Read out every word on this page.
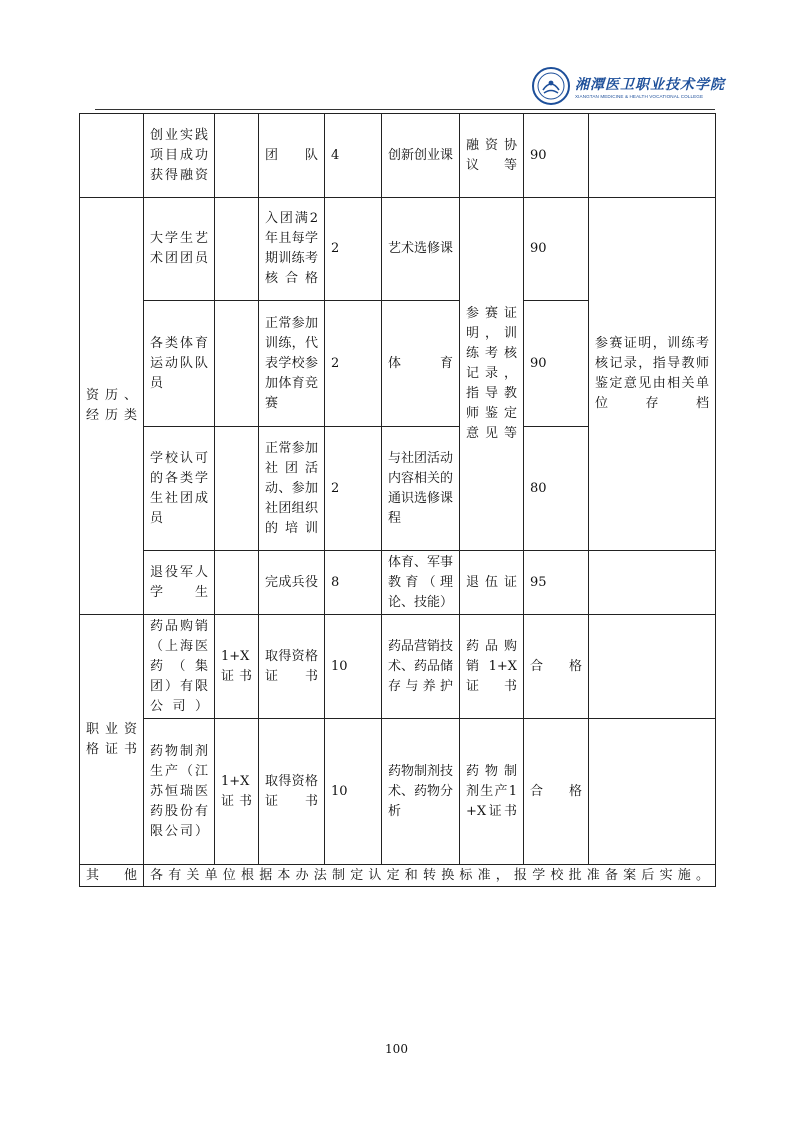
湘潭医卫职业技术学院
XIANGTAN MEDICINE & HEALTH VOCATIONAL COLLEGE
	创业实践项目成功获得融资		团队	4	创新创业课	融资协议等	90	
资历、经历类	大学生艺术团团员		入团满2年且每学期训练考核合格	2	艺术选修课	参赛证明，训练考核记录，指导教师鉴定意见等	90	参赛证明，训练考核记录，指导教师鉴定意见由相关单位存档
	各类体育运动队队员		正常参加训练，代表学校参加体育竞赛	2	体育		90	
	学校认可的各类学生社团成员		正常参加社团活动、参加社团组织的培训	2	与社团活动内容相关的通识选修课程		80	
	退役军人学生		完成兵役	8	体育、军事教育（理论、技能）	退伍证	95	
职业资格证书	药品购销（上海医药（集团）有限公司）	1+X证书	取得资格证书	10	药品营销技术、药品储存与养护	药品购销1+X证书	合格	
	药物制剂生产（江苏恒瑞医药股份有限公司）	1+X证书	取得资格证书	10	药物制剂技术、药物分析	药物制剂生产1+X证书	合格	
其他	各有关单位根据本办法制定认定和转换标准，报学校批准备案后实施。							
100
